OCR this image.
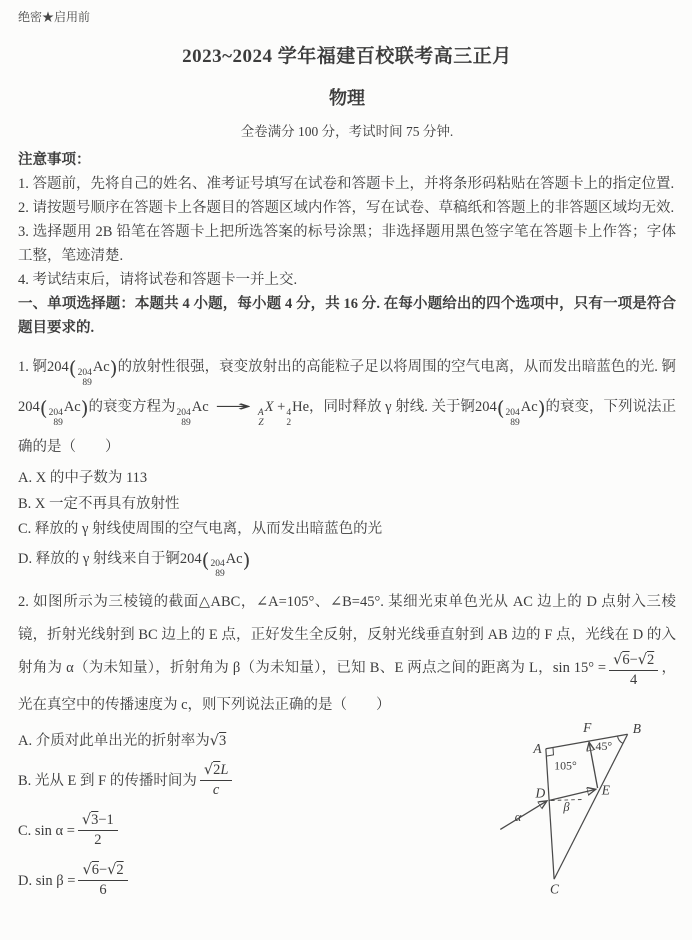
绝密★启用前
2023~2024 学年福建百校联考高三正月
物理
全卷满分 100 分，考试时间 75 分钟.
注意事项：

1. 答题前，先将自己的姓名、准考证号填写在试卷和答题卡上，并将条形码粘贴在答题卡上的指定位置.

2. 请按题号顺序在答题卡上各题目的答题区域内作答，写在试卷、草稿纸和答题上的非答题区域均无效.

3. 选择题用 2B 铅笔在答题卡上把所选答案的标号涂黑；非选择题用黑色签字笔在答题卡上作答；字体工整，笔迹清楚.

4. 考试结束后，请将试卷和答题卡一并上交.

一、单项选择题：本题共 4 小题，每小题 4 分，共 16 分. 在每小题给出的四个选项中，只有一项是符合题目要求的.

1. 锕204( 204
89
Ac)的放射性很强，衰变放射出的高能粒子足以将周围的空气电离，从而发出暗蓝色的光. 锕204( 204
89
Ac)的衰变方程为 204
89
Ac → A
Z
X + 4
2
He，同时释放 γ 射线. 关于锕204( 204
89
Ac)的衰变，下列说法正确的是（　　）

A. X 的中子数为 113

B. X 一定不再具有放射性

C. 释放的 γ 射线使周围的空气电离，从而发出暗蓝色的光

D. 释放的 γ 射线来自于锕204( 204
89
Ac)

2. 如图所示为三棱镜的截面△ABC，∠A=105°、∠B=45°. 某细光束单色光从 AC 边上的 D 点射入三棱镜，折射光线射到 BC 边上的 E 点，正好发生全反射，反射光线垂直射到 AB 边的 F 点，光线在 D 的入射角为 α（为未知量），折射角为 β（为未知量），已知 B、E 两点之间的距离为 L，$\sin 15^\circ = \frac{√6-√2}{4}$ ，光在真空中的传播速度为 c，则下列说法正确的是（　　）

A. 介质对此单出光的折射率为√3

B. 光从 E 到 F 的传播时间为 $\frac{√2L}{c}$

C. $\sin \alpha = \frac{√3-1}{2}$

D. $\sin \beta = \frac{√6-√2}{6}$

A
B
C
D	E
F
105°
45°
α
β
